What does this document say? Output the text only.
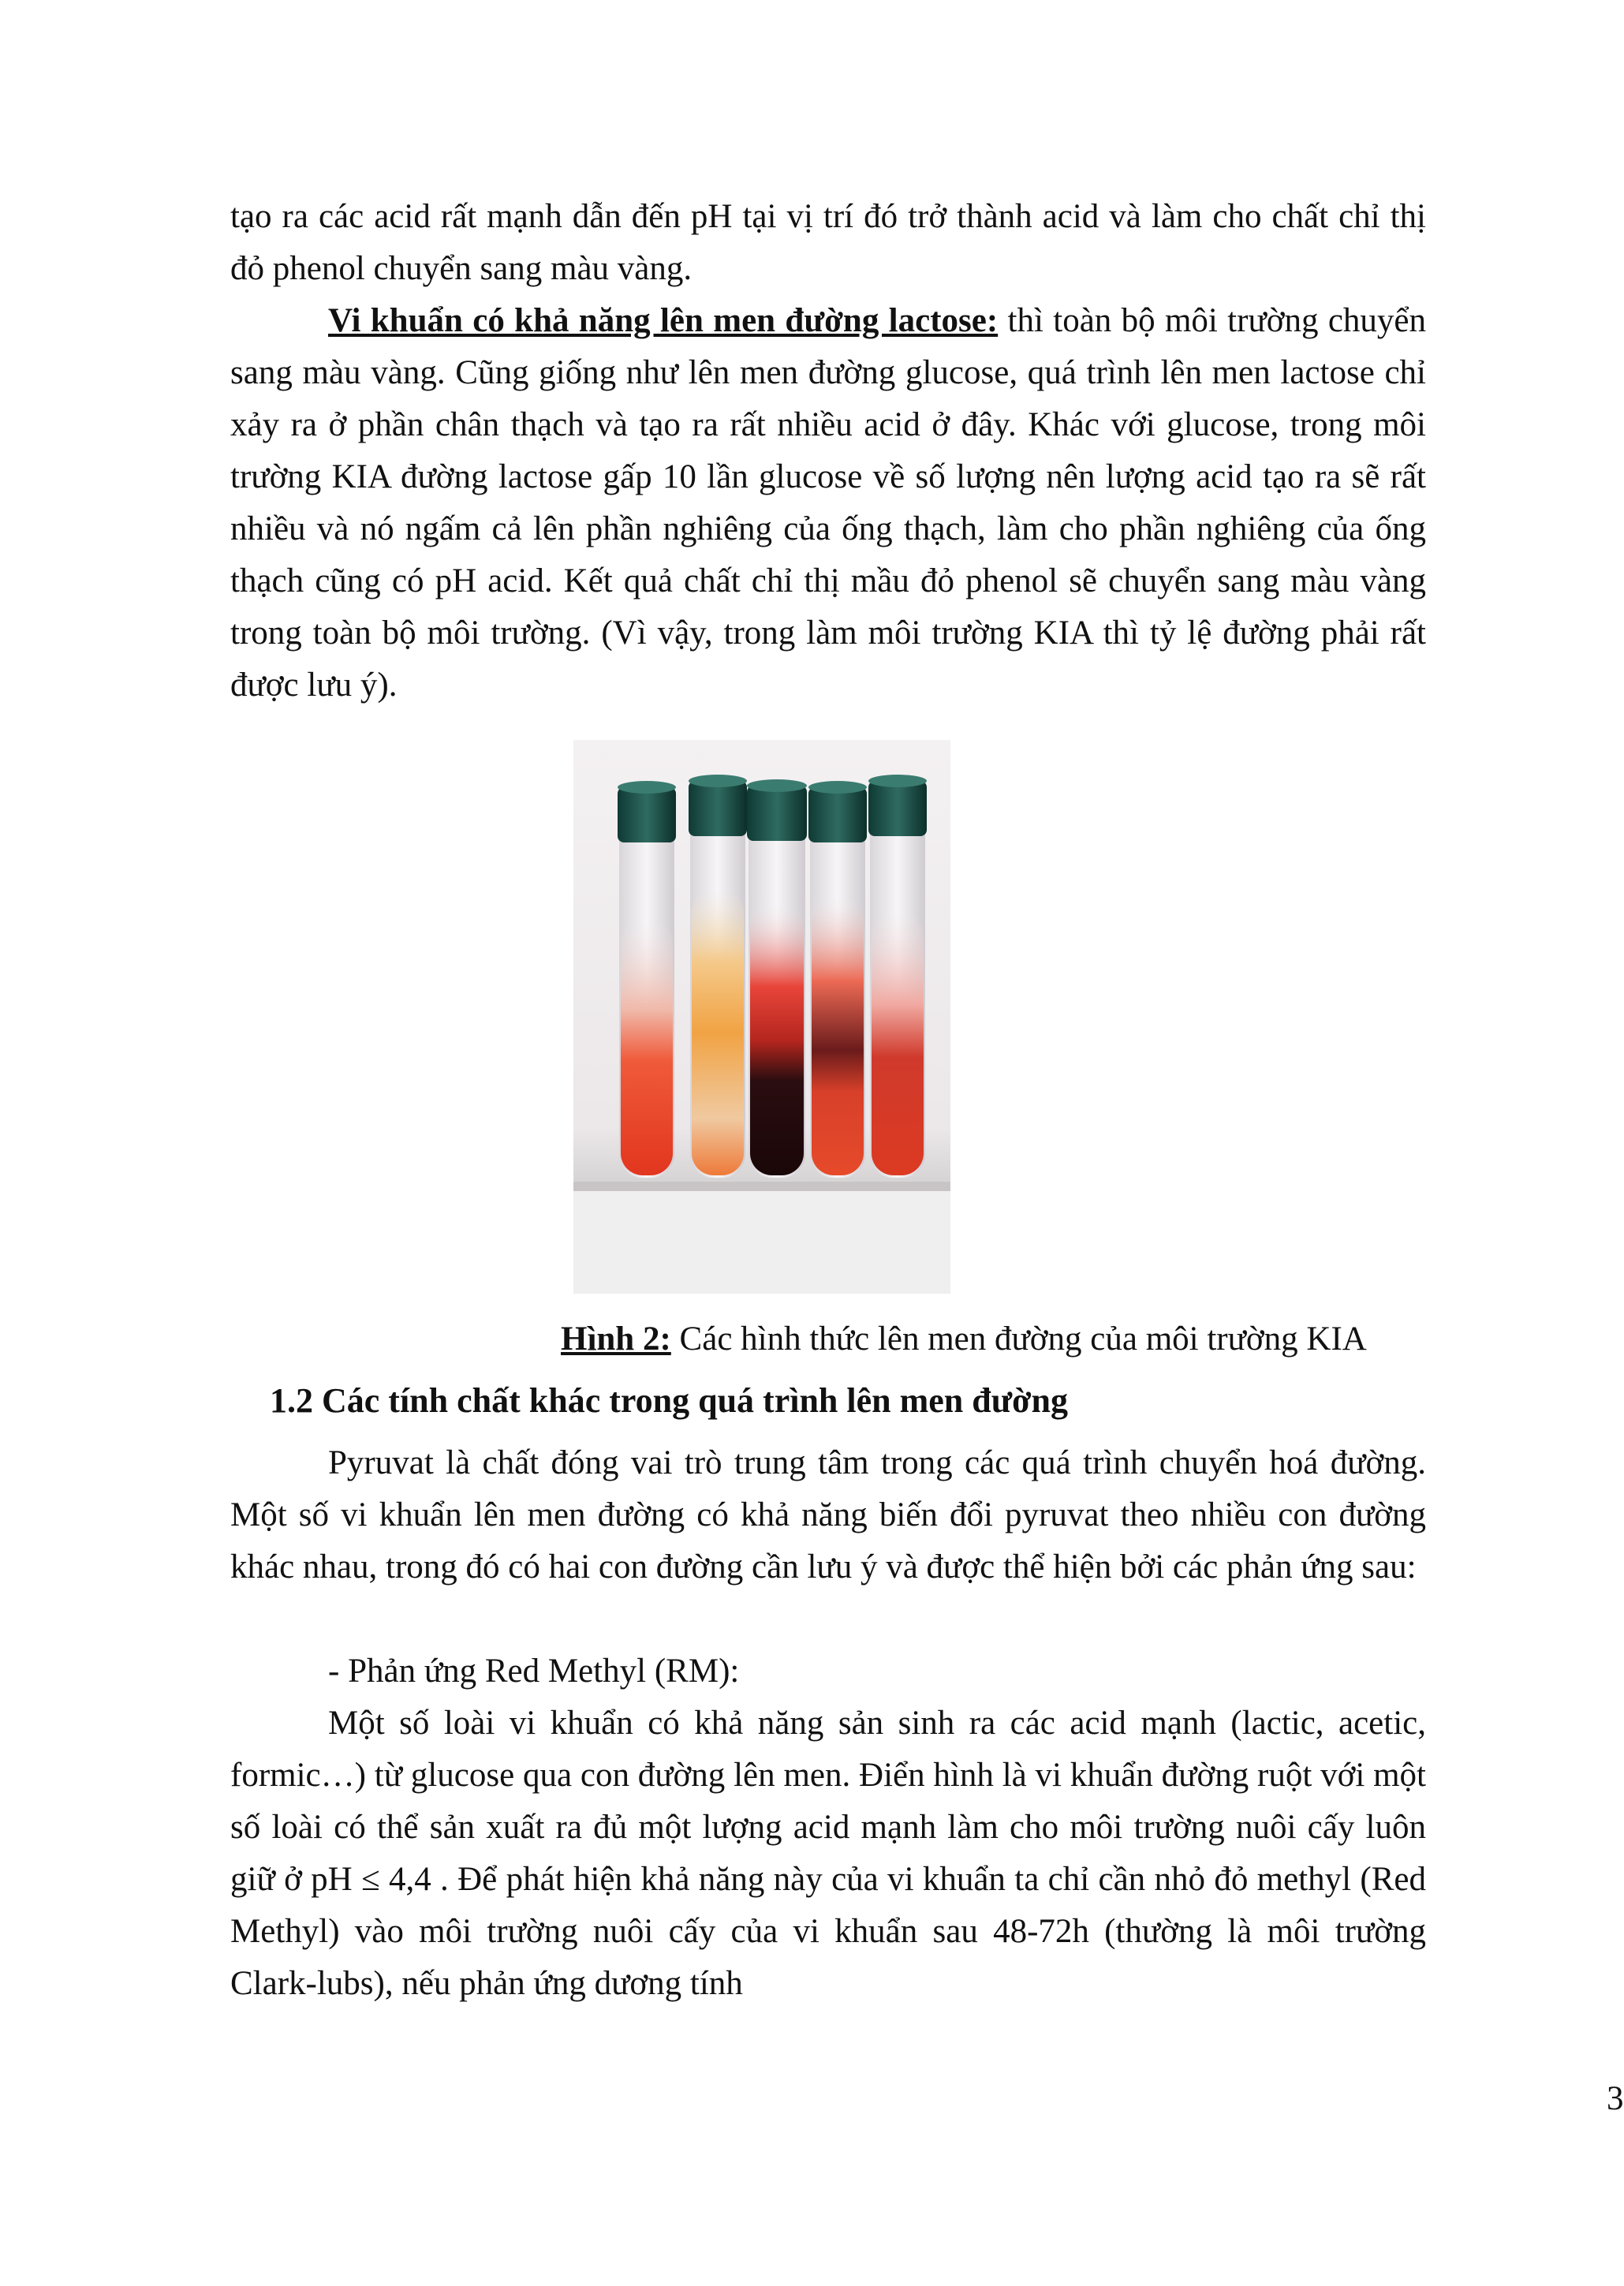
tạo ra các acid rất mạnh dẫn đến pH tại vị trí đó trở thành acid và làm cho chất chỉ thị đỏ phenol chuyển sang màu vàng.

Vi khuẩn có khả năng lên men đường lactose: thì toàn bộ môi trường chuyển sang màu vàng. Cũng giống như lên men đường glucose, quá trình lên men lactose chỉ xảy ra ở phần chân thạch và tạo ra rất nhiều acid ở đây. Khác với glucose, trong môi trường KIA đường lactose gấp 10 lần glucose về số lượng nên lượng acid tạo ra sẽ rất nhiều và nó ngấm cả lên phần nghiêng của ống thạch, làm cho phần nghiêng của ống thạch cũng có pH acid. Kết quả chất chỉ thị mầu đỏ phenol sẽ chuyển sang màu vàng trong toàn bộ môi trường. (Vì vậy, trong làm môi trường KIA thì tỷ lệ đường phải rất được lưu ý).

Pyruvat là chất đóng vai trò trung tâm trong các quá trình chuyển hoá đường. Một số vi khuẩn lên men đường có khả năng biến đổi pyruvat theo nhiều con đường khác nhau, trong đó có hai con đường cần lưu ý và được thể hiện bởi các phản ứng sau:

- Phản ứng Red Methyl (RM):

Một số loài vi khuẩn có khả năng sản sinh ra các acid mạnh (lactic, acetic, formic…) từ glucose qua con đường lên men. Điển hình là vi khuẩn đường ruột với một số loài có thể sản xuất ra đủ một lượng acid mạnh làm cho môi trường nuôi cấy luôn giữ ở pH ≤ 4,4 . Để phát hiện khả năng này của vi khuẩn ta chỉ cần nhỏ đỏ methyl (Red Methyl) vào môi trường nuôi cấy của vi khuẩn sau 48-72h (thường là môi trường Clark-lubs), nếu phản ứng dương tính

Hình 2: Các hình thức lên men đường của môi trường KIA
1.2 Các tính chất khác trong quá trình lên men đường
3
